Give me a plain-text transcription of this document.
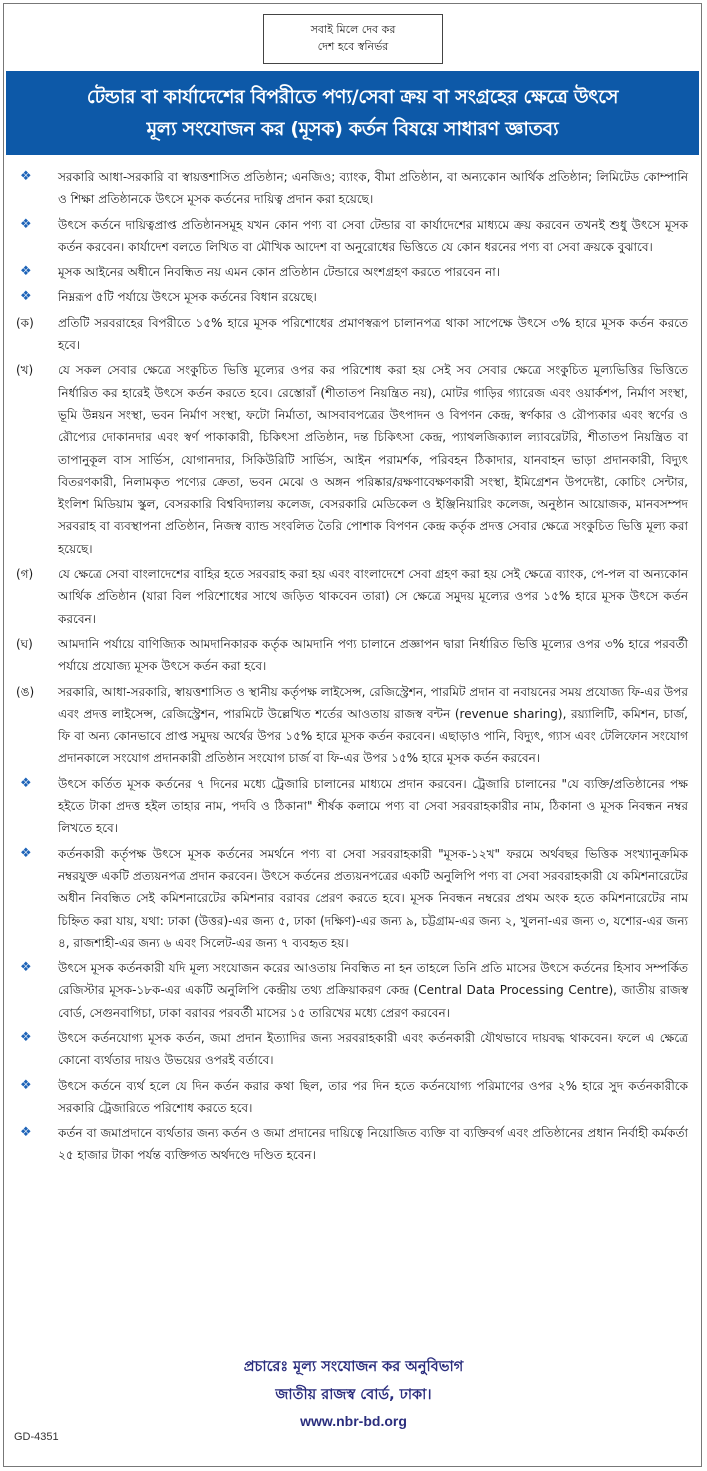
সবাই মিলে দেব কর
দেশ হবে স্বনির্ভর
টেন্ডার বা কার্যাদেশের বিপরীতে পণ্য/সেবা ক্রয় বা সংগ্রহের ক্ষেত্রে উৎসে
মূল্য সংযোজন কর (মূসক) কর্তন বিষয়ে সাধারণ জ্ঞাতব্য
❖	সরকারি আধা-সরকারি বা স্বায়ত্তশাসিত প্রতিষ্ঠান; এনজিও; ব্যাংক, বীমা প্রতিষ্ঠান, বা অন্যকোন আর্থিক প্রতিষ্ঠান; লিমিটেড কোম্পানি ও শিক্ষা প্রতিষ্ঠানকে উৎসে মূসক কর্তনের দায়িত্ব প্রদান করা হয়েছে।
❖	উৎসে কর্তনে দায়িত্বপ্রাপ্ত প্রতিষ্ঠানসমূহ যখন কোন পণ্য বা সেবা টেন্ডার বা কার্যাদেশের মাধ্যমে ক্রয় করবেন তখনই শুধু উৎসে মূসক কর্তন করবেন। কার্যাদেশ বলতে লিখিত বা মৌখিক আদেশ বা অনুরোধের ভিত্তিতে যে কোন ধরনের পণ্য বা সেবা ক্রয়কে বুঝাবে।
❖	মূসক আইনের অধীনে নিবন্ধিত নয় এমন কোন প্রতিষ্ঠান টেন্ডারে অংশগ্রহণ করতে পারবেন না।
❖	নিম্নরূপ ৫টি পর্যায়ে উৎসে মূসক কর্তনের বিধান রয়েছে।
(ক)	প্রতিটি সরবরাহের বিপরীতে ১৫% হারে মূসক পরিশোধের প্রমাণস্বরূপ চালানপত্র থাকা সাপেক্ষে উৎসে ৩% হারে মূসক কর্তন করতে হবে।
(খ)	যে সকল সেবার ক্ষেত্রে সংকুচিত ভিত্তি মূল্যের ওপর কর পরিশোধ করা হয় সেই সব সেবার ক্ষেত্রে সংকুচিত মূল্যভিত্তির ভিত্তিতে নির্ধারিত কর হারেই উৎসে কর্তন করতে হবে। রেস্তোরাঁ (শীতাতপ নিয়ন্ত্রিত নয়), মোটর গাড়ির গ্যারেজ এবং ওয়ার্কশপ, নির্মাণ সংস্থা, ভূমি উন্নয়ন সংস্থা, ভবন নির্মাণ সংস্থা, ফটো নির্মাতা, আসবাবপত্রের উৎপাদন ও বিপণন কেন্দ্র, স্বর্ণকার ও রৌপ্যকার এবং স্বর্ণের ও রৌপ্যের দোকানদার এবং স্বর্ণ পাকাকারী, চিকিৎসা প্রতিষ্ঠান, দন্ত চিকিৎসা কেন্দ্র, প্যাথলজিক্যাল ল্যাবরেটরি, শীতাতপ নিয়ন্ত্রিত বা তাপানুকূল বাস সার্ভিস, যোগানদার, সিকিউরিটি সার্ভিস, আইন পরামর্শক, পরিবহন ঠিকাদার, যানবাহন ভাড়া প্রদানকারী, বিদ্যুৎ বিতরণকারী, নিলামকৃত পণ্যের ক্রেতা, ভবন মেঝে ও অঙ্গন পরিষ্কার/রক্ষণাবেক্ষণকারী সংস্থা, ইমিগ্রেশন উপদেষ্টা, কোচিং সেন্টার, ইংলিশ মিডিয়াম স্কুল, বেসরকারি বিশ্ববিদ্যালয় কলেজ, বেসরকারি মেডিকেল ও ইঞ্জিনিয়ারিং কলেজ, অনুষ্ঠান আয়োজক, মানবসম্পদ সরবরাহ বা ব্যবস্থাপনা প্রতিষ্ঠান, নিজস্ব ব্যান্ড সংবলিত তৈরি পোশাক বিপণন কেন্দ্র কর্তৃক প্রদত্ত সেবার ক্ষেত্রে সংকুচিত ভিত্তি মূল্য করা হয়েছে।
(গ)	যে ক্ষেত্রে সেবা বাংলাদেশের বাহির হতে সরবরাহ করা হয় এবং বাংলাদেশে সেবা গ্রহণ করা হয় সেই ক্ষেত্রে ব্যাংক, পে-পল বা অন্যকোন আর্থিক প্রতিষ্ঠান (যারা বিল পরিশোধের সাথে জড়িত থাকবেন তারা) সে ক্ষেত্রে সমুদয় মূল্যের ওপর ১৫% হারে মূসক উৎসে কর্তন করবেন।
(ঘ)	আমদানি পর্যায়ে বাণিজ্যিক আমদানিকারক কর্তৃক আমদানি পণ্য চালানে প্রজ্ঞাপন দ্বারা নির্ধারিত ভিত্তি মূল্যের ওপর ৩% হারে পরবর্তী পর্যায়ে প্রযোজ্য মূসক উৎসে কর্তন করা হবে।
(ঙ)	সরকারি, আধা-সরকারি, স্বায়ত্তশাসিত ও স্থানীয় কর্তৃপক্ষ লাইসেন্স, রেজিস্ট্রেশন, পারমিট প্রদান বা নবায়নের সময় প্রযোজ্য ফি-এর উপর এবং প্রদত্ত লাইসেন্স, রেজিস্ট্রেশন, পারমিটে উল্লেখিত শর্তের আওতায় রাজস্ব বন্টন (revenue sharing), রয়্যালিটি, কমিশন, চার্জ, ফি বা অন্য কোনভাবে প্রাপ্ত সমুদয় অর্থের উপর ১৫% হারে মূসক কর্তন করবেন। এছাড়াও পানি, বিদ্যুৎ, গ্যাস এবং টেলিফোন সংযোগ প্রদানকালে সংযোগ প্রদানকারী প্রতিষ্ঠান সংযোগ চার্জ বা ফি-এর উপর ১৫% হারে মূসক কর্তন করবেন।
❖	উৎসে কর্তিত মূসক কর্তনের ৭ দিনের মধ্যে ট্রেজারি চালানের মাধ্যমে প্রদান করবেন। ট্রেজারি চালানের "যে ব্যক্তি/প্রতিষ্ঠানের পক্ষ হইতে টাকা প্রদত্ত হইল তাহার নাম, পদবি ও ঠিকানা" শীর্ষক কলামে পণ্য বা সেবা সরবরাহকারীর নাম, ঠিকানা ও মূসক নিবন্ধন নম্বর লিখতে হবে।
❖	কর্তনকারী কর্তৃপক্ষ উৎসে মূসক কর্তনের সমর্থনে পণ্য বা সেবা সরবরাহকারী "মূসক-১২খ" ফরমে অর্থবছর ভিত্তিক সংখ্যানুক্রমিক নম্বরযুক্ত একটি প্রত্যয়নপত্র প্রদান করবেন। উৎসে কর্তনের প্রত্যয়নপত্রের একটি অনুলিপি পণ্য বা সেবা সরবরাহকারী যে কমিশনারেটের অধীন নিবন্ধিত সেই কমিশনারেটের কমিশনার বরাবর প্রেরণ করতে হবে। মূসক নিবন্ধন নম্বরের প্রথম অংক হতে কমিশনারেটের নাম চিহ্নিত করা যায়, যথা: ঢাকা (উত্তর)-এর জন্য ৫, ঢাকা (দক্ষিণ)-এর জন্য ৯, চট্টগ্রাম-এর জন্য ২, খুলনা-এর জন্য ৩, যশোর-এর জন্য ৪, রাজশাহী-এর জন্য ৬ এবং সিলেট-এর জন্য ৭ ব্যবহৃত হয়।
❖	উৎসে মূসক কর্তনকারী যদি মূল্য সংযোজন করের আওতায় নিবন্ধিত না হন তাহলে তিনি প্রতি মাসের উৎসে কর্তনের হিসাব সম্পর্কিত রেজিস্টার মূসক-১৮ক-এর একটি অনুলিপি কেন্দ্রীয় তথ্য প্রক্রিয়াকরণ কেন্দ্র (Central Data Processing Centre), জাতীয় রাজস্ব বোর্ড, সেগুনবাগিচা, ঢাকা বরাবর পরবর্তী মাসের ১৫ তারিখের মধ্যে প্রেরণ করবেন।
❖	উৎসে কর্তনযোগ্য মূসক কর্তন, জমা প্রদান ইত্যাদির জন্য সরবরাহকারী এবং কর্তনকারী যৌথভাবে দায়বদ্ধ থাকবেন। ফলে এ ক্ষেত্রে কোনো ব্যর্থতার দায়ও উভয়ের ওপরই বর্তাবে।
❖	উৎসে কর্তনে ব্যর্থ হলে যে দিন কর্তন করার কথা ছিল, তার পর দিন হতে কর্তনযোগ্য পরিমাণের ওপর ২% হারে সুদ কর্তনকারীকে সরকারি ট্রেজারিতে পরিশোধ করতে হবে।
❖	কর্তন বা জমাপ্রদানে ব্যর্থতার জন্য কর্তন ও জমা প্রদানের দায়িত্বে নিয়োজিত ব্যক্তি বা ব্যক্তিবর্গ এবং প্রতিষ্ঠানের প্রধান নির্বাহী কর্মকর্তা ২৫ হাজার টাকা পর্যন্ত ব্যক্তিগত অর্থদণ্ডে দণ্ডিত হবেন।
প্রচারেঃ মূল্য সংযোজন কর অনুবিভাগ
জাতীয় রাজস্ব বোর্ড, ঢাকা।
www.nbr-bd.org
GD-4351
